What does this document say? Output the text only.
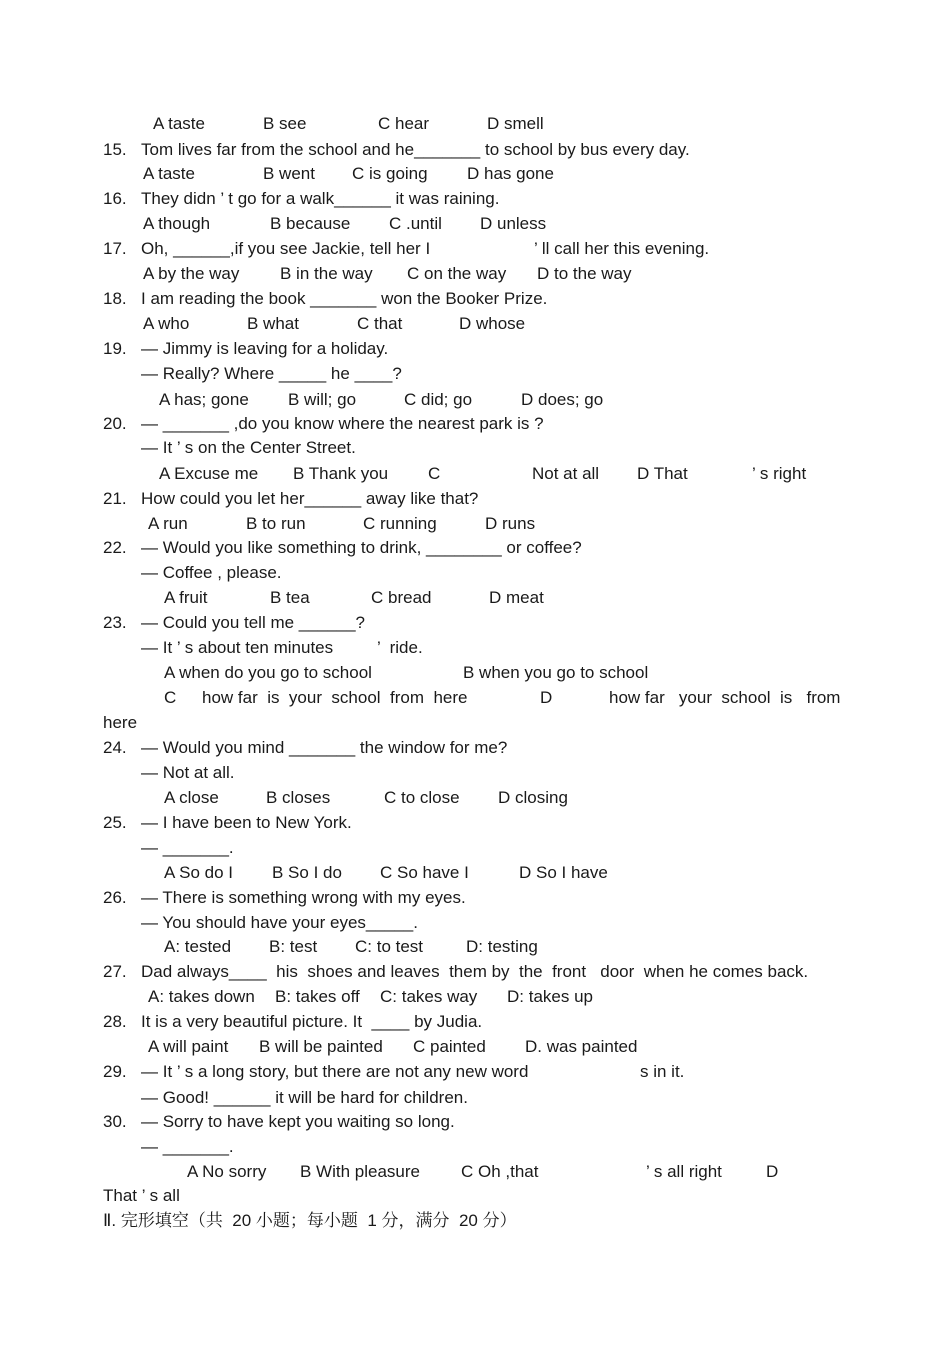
A taste	B see	C hear	D smell
15. Tom lives far from the school and he_______ to school by bus every day.
A taste	B went C is going D has gone
16. They didn ’ t go for a walk______ it was raining.
A though	B because C .until D unless
17. Oh, ______,if you see Jackie, tell her I	’ ll call her this evening.
A by the way B in the way C on the way D to the way
18. I am reading the book _______ won the Booker Prize.
A who	B what	C that	D whose
19. — Jimmy is leaving for a holiday.
— Really? Where _____ he ____?
A has; gone B will; go	C did; go	D does; go
20. — _______ ,do you know where the nearest park is ?
— It ’ s on the Center Street.
A Excuse me B Thank you C	Not at all D That	’ s right
21. How could you let her______ away like that?
A run	B to run	C running	D runs
22. — Would you like something to drink, ________ or coffee?
— Coffee , please.
A fruit	B tea	C bread	D meat
23. — Could you tell me ______?
— It ’ s about ten minutes	’  ride.
A when do you go to school	B when you go to school
C how far  is  your  school  from  here	D	how far   your  school  is   from
here
24. — Would you mind _______ the window for me?
— Not at all.
A close	B closes	C to close D closing
25. — I have been to New York.
— _______.
A So do I B So I do C So have I	D So I have
26. — There is something wrong with my eyes.
— You should have your eyes_____.
A: tested B: test C: to test	D: testing
27. Dad always____  his  shoes and leaves  them by  the  front   door  when he comes back.
A: takes down B: takes off C: takes way D: takes up
28. It is a very beautiful picture. It  ____ by Judia.
A will paint B will be painted C painted D. was painted
29. — It ’ s a long story, but there are not any new word	s in it.
— Good! ______ it will be hard for children.
30. — Sorry to have kept you waiting so long.
— _______.
A No sorry B With pleasure C Oh ,that	’ s all right	D
That ’ s all
Ⅱ. 完形填空（共  20 小题；每小题  1 分，满分  20 分）
